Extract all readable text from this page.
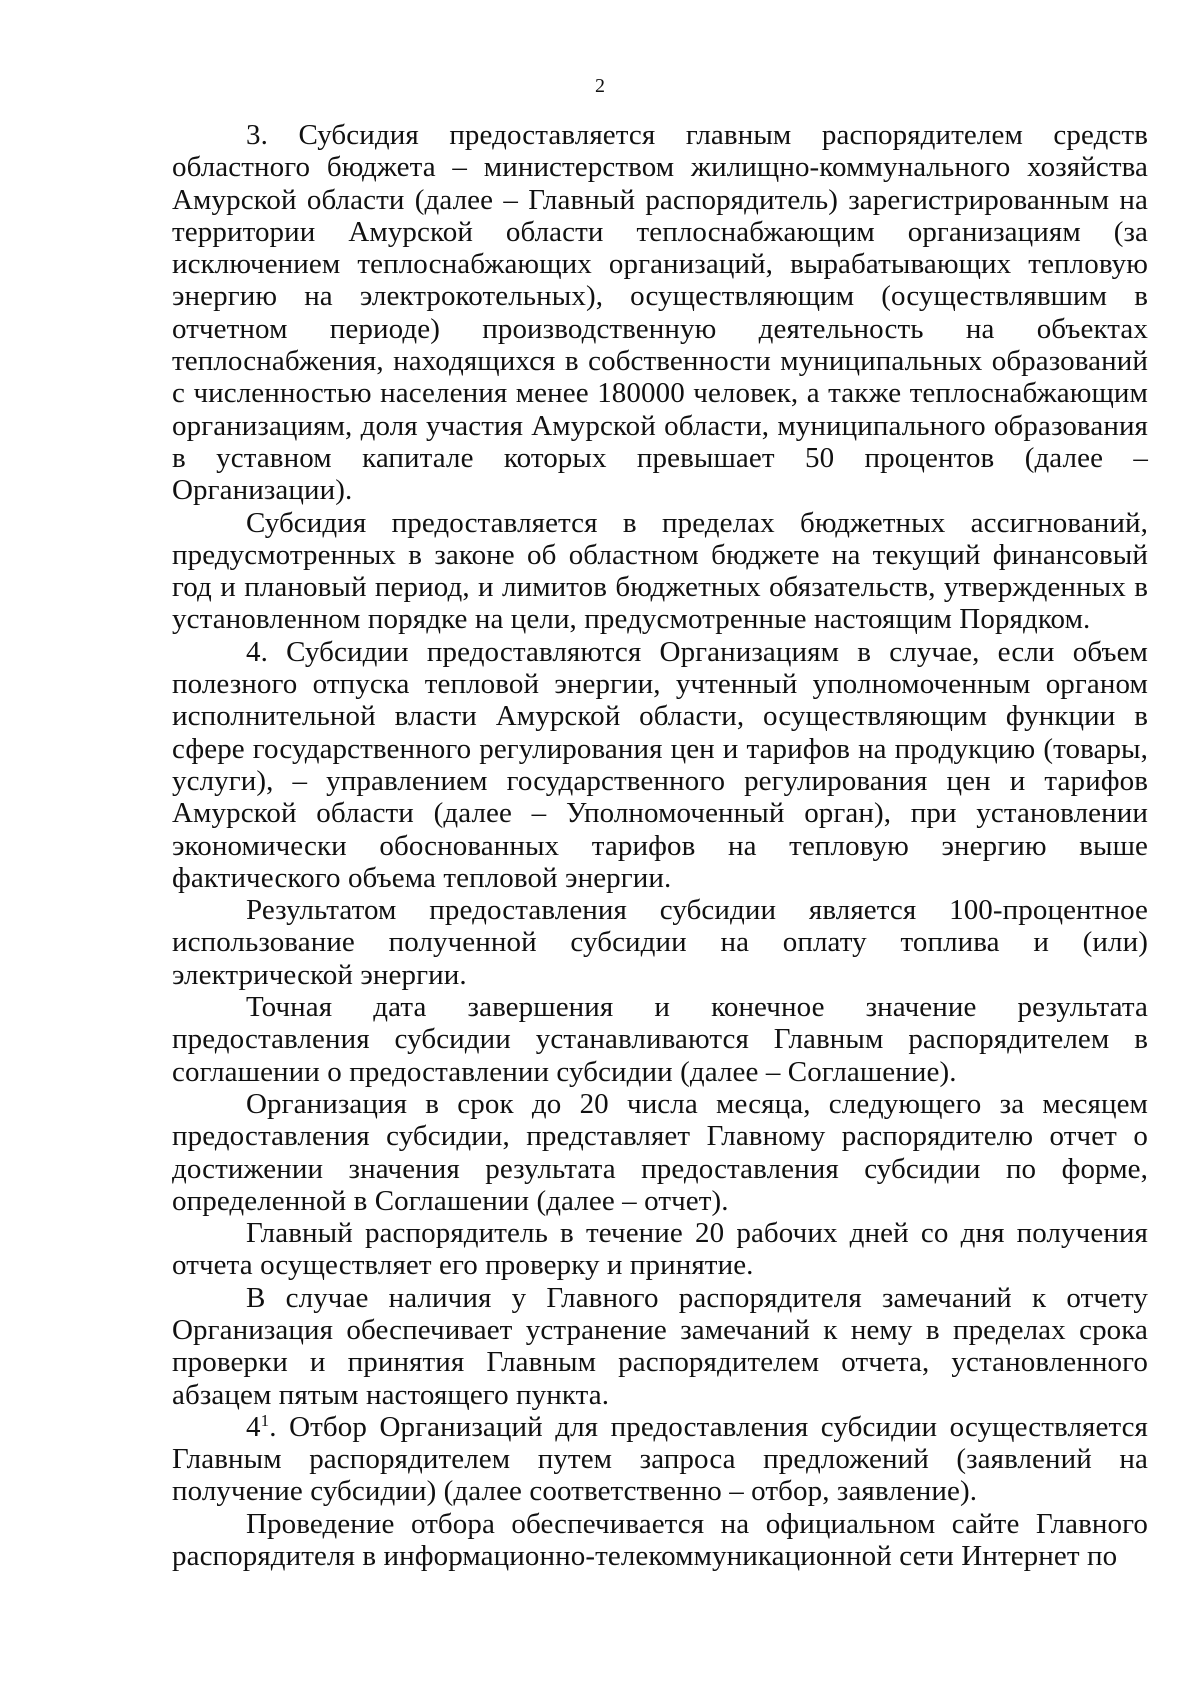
2

3. Субсидия предоставляется главным распорядителем средств областного бюджета – министерством жилищно-коммунального хозяйства Амурской области (далее – Главный распорядитель) зарегистрированным на территории Амурской области теплоснабжающим организациям (за исключением теплоснабжающих организаций, вырабатывающих тепловую энергию на электрокотельных), осуществляющим (осуществлявшим в отчетном периоде) производственную деятельность на объектах теплоснабжения, находящихся в собственности муниципальных образований с численностью населения менее 180000 человек, а также теплоснабжающим организациям, доля участия Амурской области, муниципального образования в уставном капитале которых превышает 50 процентов (далее – Организации).

Субсидия предоставляется в пределах бюджетных ассигнований, предусмотренных в законе об областном бюджете на текущий финансовый год и плановый период, и лимитов бюджетных обязательств, утвержденных в установленном порядке на цели, предусмотренные настоящим Порядком.

4. Субсидии предоставляются Организациям в случае, если объем полезного отпуска тепловой энергии, учтенный уполномоченным органом исполнительной власти Амурской области, осуществляющим функции в сфере государственного регулирования цен и тарифов на продукцию (товары, услуги), – управлением государственного регулирования цен и тарифов Амурской области (далее – Уполномоченный орган), при установлении экономически обоснованных тарифов на тепловую энергию выше фактического объема тепловой энергии.

Результатом предоставления субсидии является 100-процентное использование полученной субсидии на оплату топлива и (или) электрической энергии.

Точная дата завершения и конечное значение результата предоставления субсидии устанавливаются Главным распорядителем в соглашении о предоставлении субсидии (далее – Соглашение).

Организация в срок до 20 числа месяца, следующего за месяцем предоставления субсидии, представляет Главному распорядителю отчет о достижении значения результата предоставления субсидии по форме, определенной в Соглашении (далее – отчет).

Главный распорядитель в течение 20 рабочих дней со дня получения отчета осуществляет его проверку и принятие.

В случае наличия у Главного распорядителя замечаний к отчету Организация обеспечивает устранение замечаний к нему в пределах срока проверки и принятия Главным распорядителем отчета, установленного абзацем пятым настоящего пункта.

$4^1$. Отбор Организаций для предоставления субсидии осуществляется Главным распорядителем путем запроса предложений (заявлений на получение субсидии) (далее соответственно – отбор, заявление).

Проведение отбора обеспечивается на официальном сайте Главного распорядителя в информационно-телекоммуникационной сети Интернет по
